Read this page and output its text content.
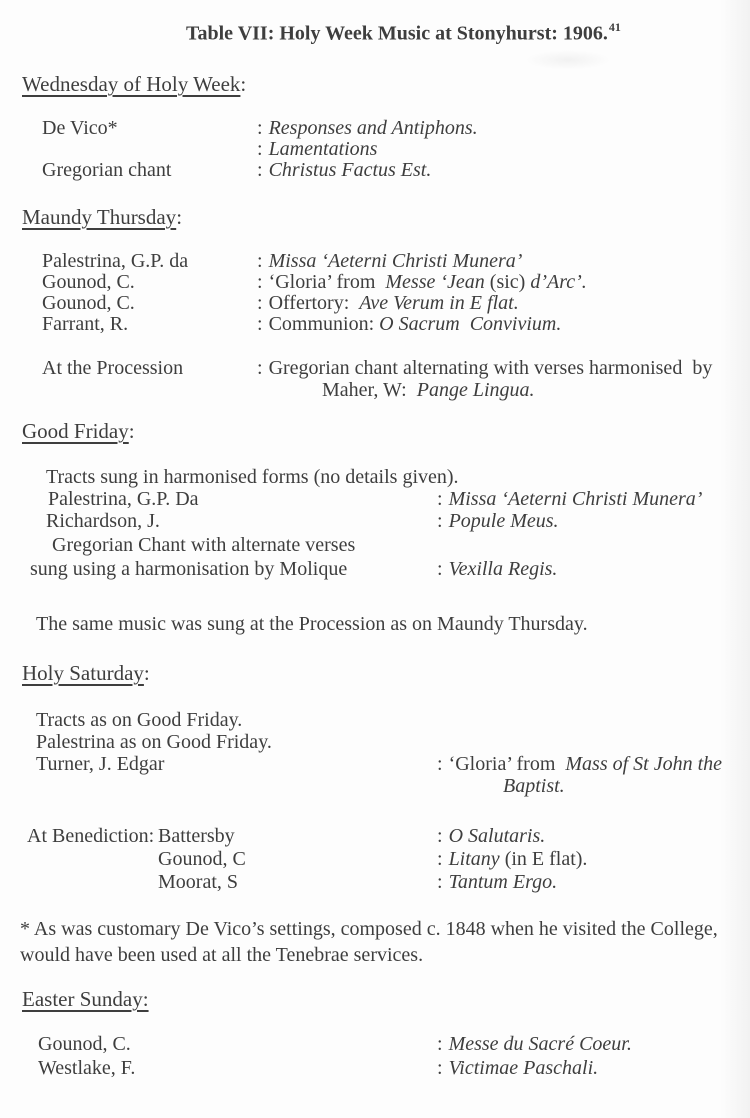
Table VII: Holy Week Music at Stonyhurst: 1906.41
Wednesday of Holy Week:
De Vico*	: Responses and Antiphons.
: Lamentations
Gregorian chant	: Christus Factus Est.
Maundy Thursday:
Palestrina, G.P. da	: Missa ‘Aeterni Christi Munera’
Gounod, C.	: ‘Gloria’ from  Messe ‘Jean (sic) d’Arc’.
Gounod, C.	: Offertory:  Ave Verum in E flat.
Farrant, R.	: Communion: O Sacrum  Convivium.
At the Procession	: Gregorian chant alternating with verses harmonised  by
Maher, W:  Pange Lingua.
Good Friday:
Tracts sung in harmonised forms (no details given).
Palestrina, G.P. Da	: Missa ‘Aeterni Christi Munera’
Richardson, J.	: Popule Meus.
Gregorian Chant with alternate verses
sung using a harmonisation by Molique	: Vexilla Regis.
The same music was sung at the Procession as on Maundy Thursday.
Holy Saturday:
Tracts as on Good Friday.
Palestrina as on Good Friday.
Turner, J. Edgar	: ‘Gloria’ from  Mass of St John the
Baptist.
At Benediction: Battersby	: O Salutaris.
Gounod, C	: Litany (in E flat).
Moorat, S	: Tantum Ergo.
* As was customary De Vico’s settings, composed c. 1848 when he visited the College,
would have been used at all the Tenebrae services.
Easter Sunday:
Gounod, C.	: Messe du Sacré Coeur.
Westlake, F.	: Victimae Paschali.
